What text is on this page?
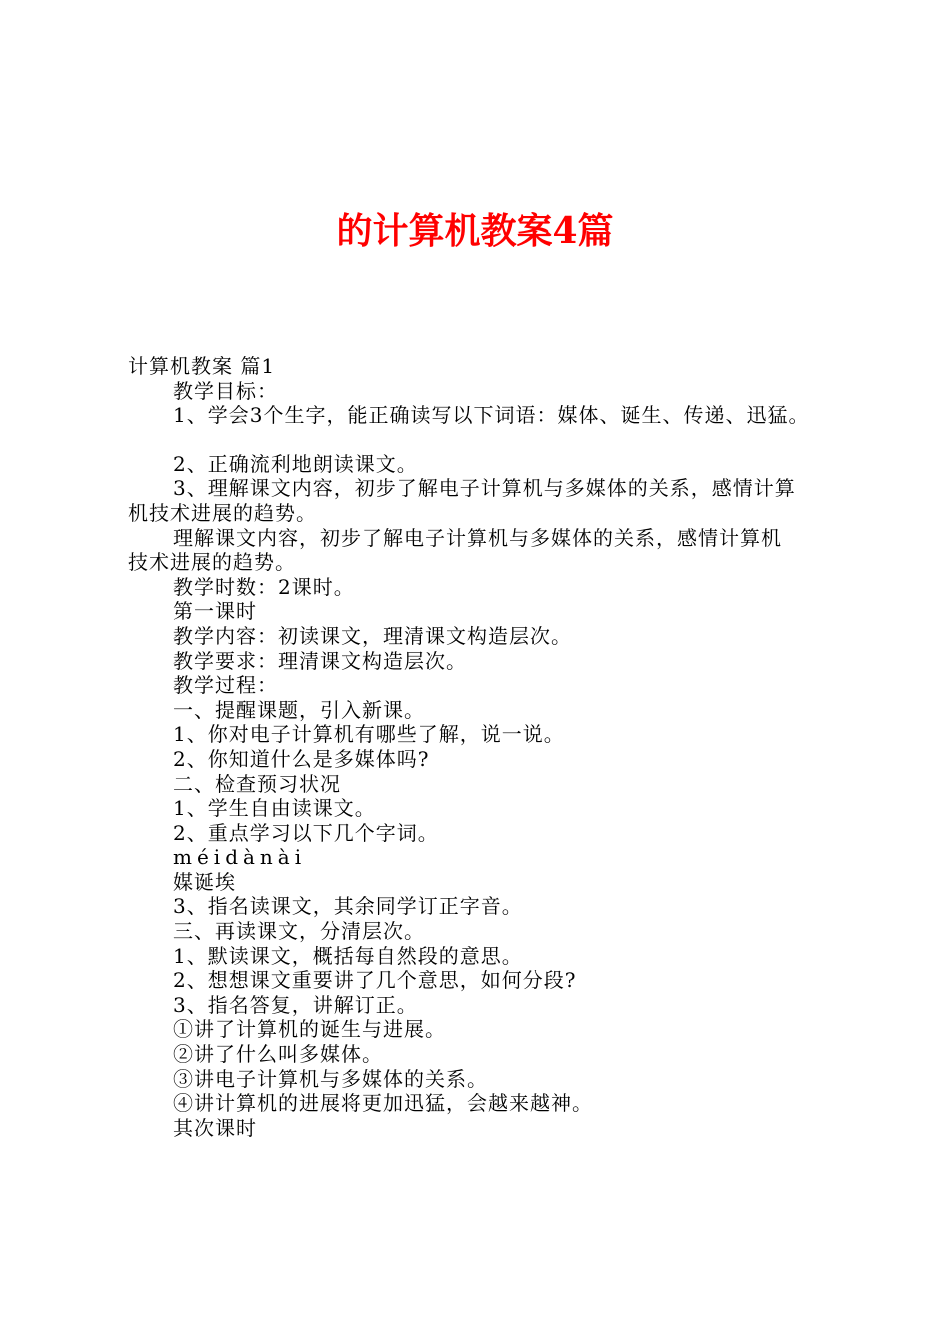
的计算机教案4篇

计算机教案 篇1

教学目标：

1、学会3个生字，能正确读写以下词语：媒体、诞生、传递、迅猛。

2、正确流利地朗读课文。

3、理解课文内容，初步了解电子计算机与多媒体的关系，感情计算

机技术进展的趋势。

理解课文内容，初步了解电子计算机与多媒体的关系，感情计算机

技术进展的趋势。

教学时数：2课时。

第一课时

教学内容：初读课文，理清课文构造层次。

教学要求：理清课文构造层次。

教学过程：

一、提醒课题，引入新课。

1、你对电子计算机有哪些了解，说一说。

2、你知道什么是多媒体吗?

二、检查预习状况

1、学生自由读课文。

2、重点学习以下几个字词。

méidànài

媒诞埃

3、指名读课文，其余同学订正字音。

三、再读课文，分清层次。

1、默读课文，概括每自然段的意思。

2、想想课文重要讲了几个意思，如何分段?

3、指名答复，讲解订正。

①讲了计算机的诞生与进展。

②讲了什么叫多媒体。

③讲电子计算机与多媒体的关系。

④讲计算机的进展将更加迅猛，会越来越神。

其次课时
